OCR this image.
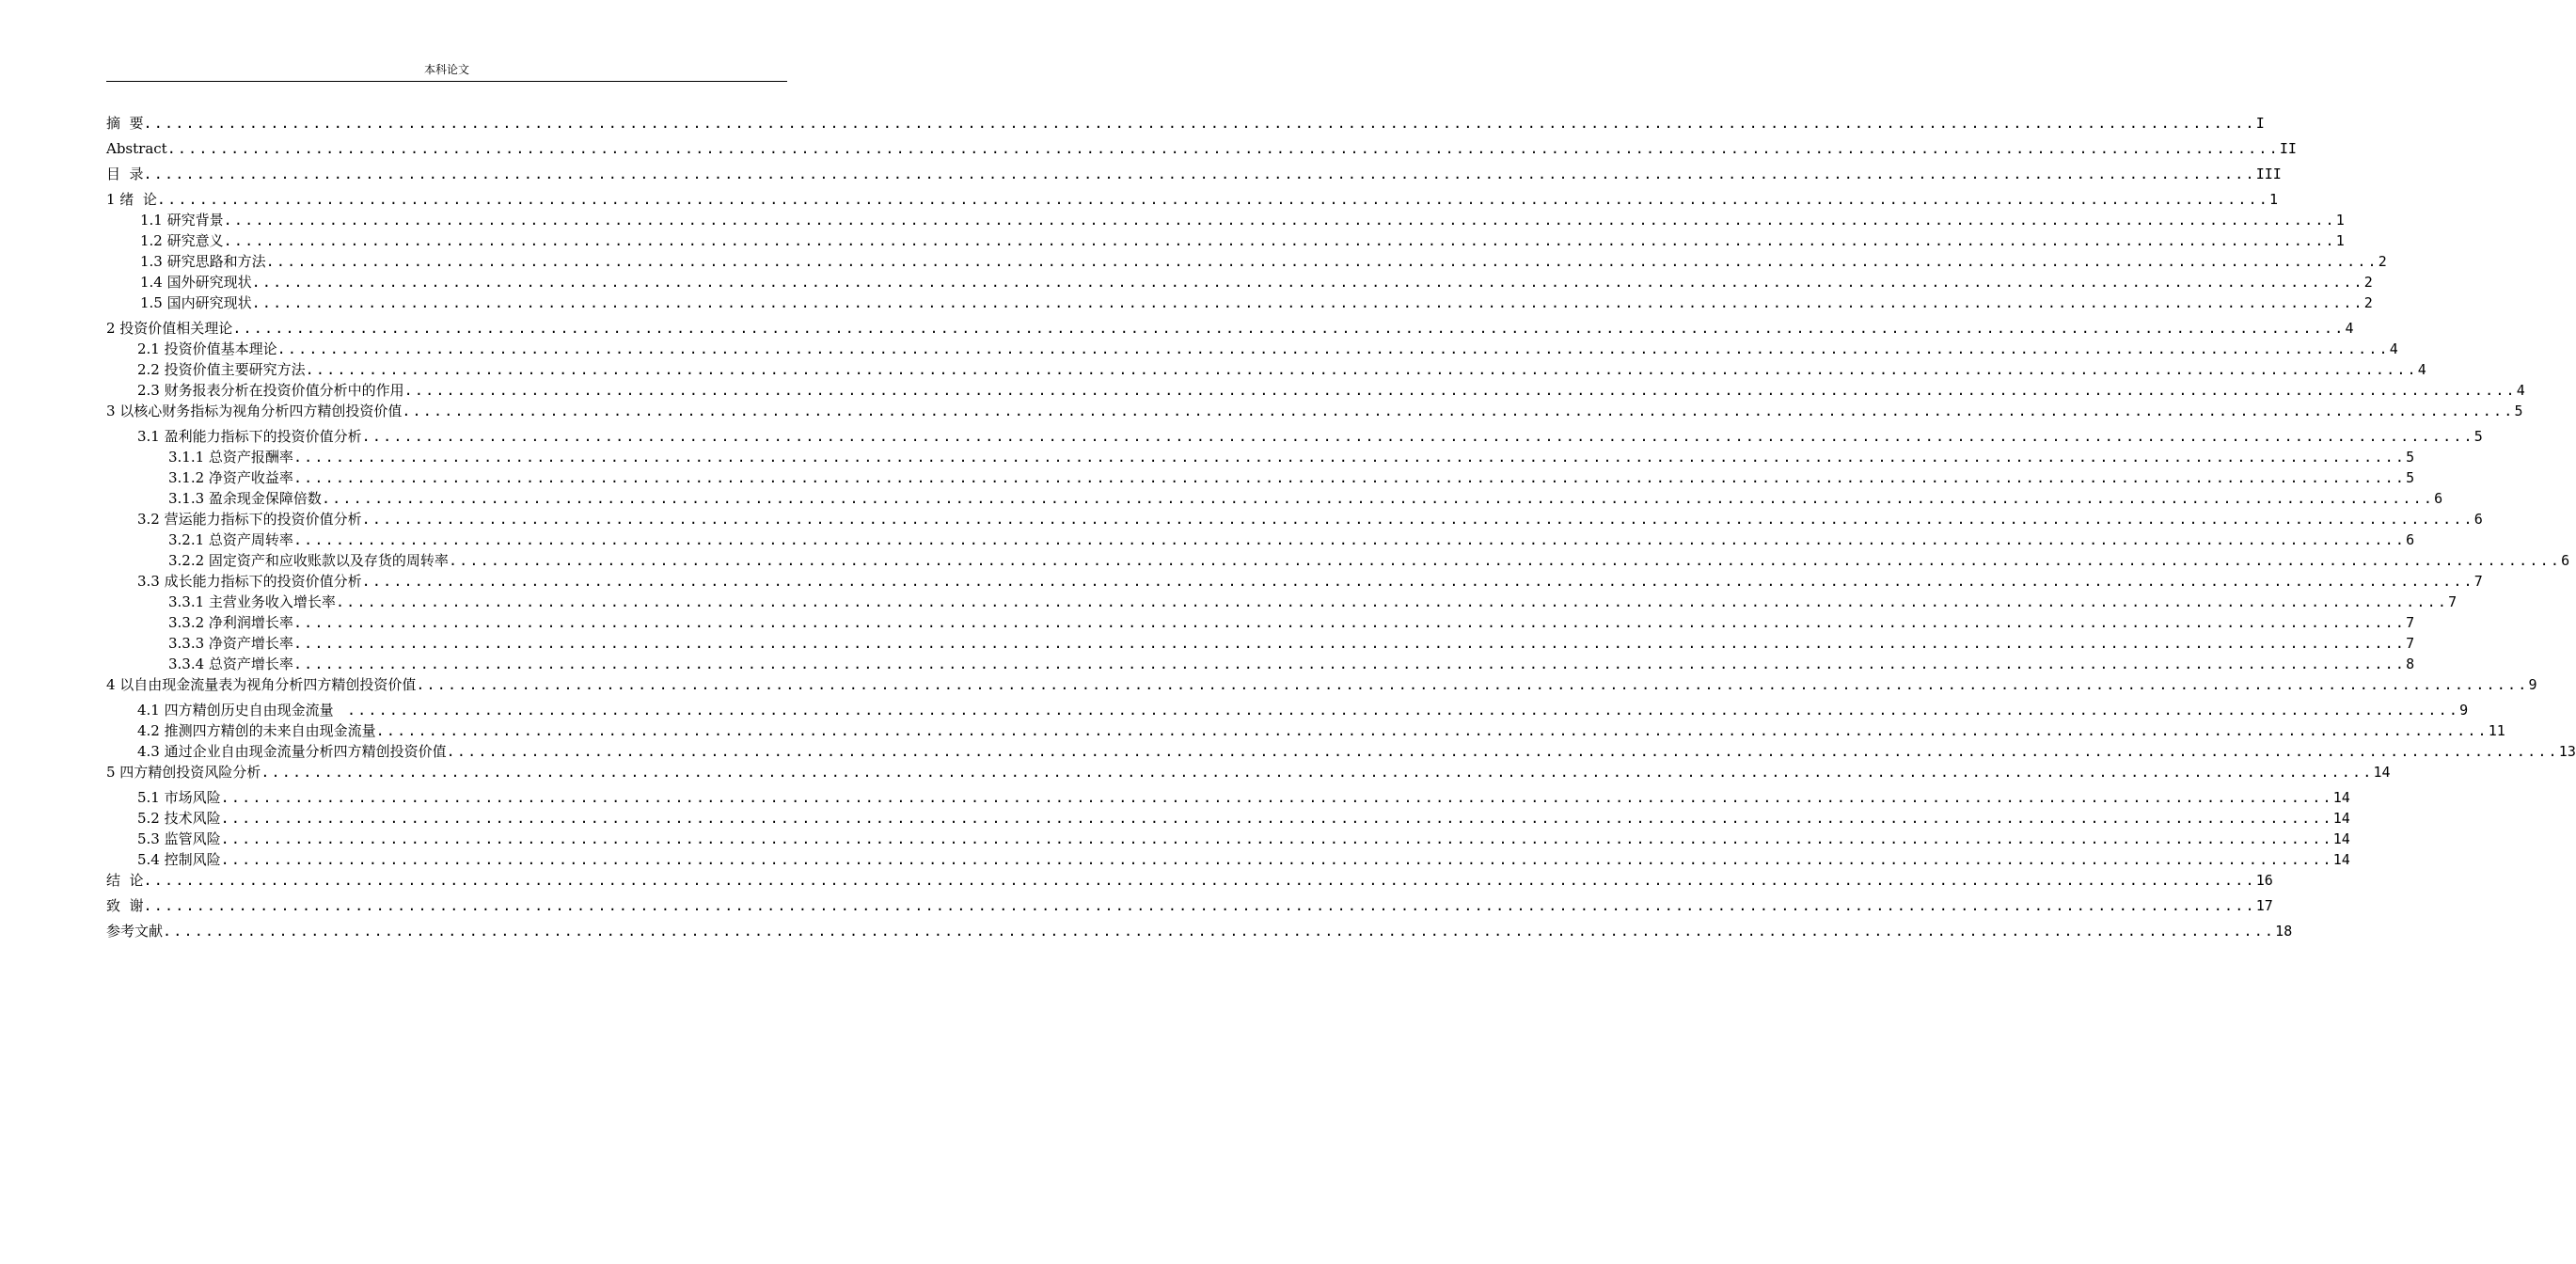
本科论文
摘  要 ........................................................................................................................................................................................................ I
Abstract ........................................................................................................................................................................................................ II
目  录 ........................................................................................................................................................................................................ III
1 绪  论 ........................................................................................................................................................................................................ 1
1.1 研究背景 ........................................................................................................................................................................................................ 1
1.2 研究意义 ........................................................................................................................................................................................................ 1
1.3 研究思路和方法 ........................................................................................................................................................................................................ 2
1.4 国外研究现状 ........................................................................................................................................................................................................ 2
1.5 国内研究现状 ........................................................................................................................................................................................................ 2
2 投资价值相关理论 ........................................................................................................................................................................................................ 4
2.1 投资价值基本理论 ........................................................................................................................................................................................................ 4
2.2 投资价值主要研究方法 ........................................................................................................................................................................................................ 4
2.3 财务报表分析在投资价值分析中的作用 ........................................................................................................................................................................................................ 4
3 以核心财务指标为视角分析四方精创投资价值 ........................................................................................................................................................................................................ 5
3.1 盈利能力指标下的投资价值分析 ........................................................................................................................................................................................................ 5
3.1.1 总资产报酬率 ........................................................................................................................................................................................................ 5
3.1.2 净资产收益率 ........................................................................................................................................................................................................ 5
3.1.3 盈余现金保障倍数 ........................................................................................................................................................................................................ 6
3.2 营运能力指标下的投资价值分析 ........................................................................................................................................................................................................ 6
3.2.1 总资产周转率 ........................................................................................................................................................................................................ 6
3.2.2 固定资产和应收账款以及存货的周转率 ........................................................................................................................................................................................................ 6
3.3 成长能力指标下的投资价值分析 ........................................................................................................................................................................................................ 7
3.3.1 主营业务收入增长率 ........................................................................................................................................................................................................ 7
3.3.2 净利润增长率 ........................................................................................................................................................................................................ 7
3.3.3 净资产增长率 ........................................................................................................................................................................................................ 7
3.3.4 总资产增长率 ........................................................................................................................................................................................................ 8
4 以自由现金流量表为视角分析四方精创投资价值 ........................................................................................................................................................................................................ 9
4.1 四方精创历史自由现金流量 ........................................................................................................................................................................................................ 9
4.2 推测四方精创的未来自由现金流量 ........................................................................................................................................................................................................ 11
4.3 通过企业自由现金流量分析四方精创投资价值 ........................................................................................................................................................................................................ 13
5 四方精创投资风险分析 ........................................................................................................................................................................................................ 14
5.1 市场风险 ........................................................................................................................................................................................................ 14
5.2 技术风险 ........................................................................................................................................................................................................ 14
5.3 监管风险 ........................................................................................................................................................................................................ 14
5.4 控制风险 ........................................................................................................................................................................................................ 14
结  论 ........................................................................................................................................................................................................ 16
致  谢 ........................................................................................................................................................................................................ 17
参考文献 ........................................................................................................................................................................................................ 18
